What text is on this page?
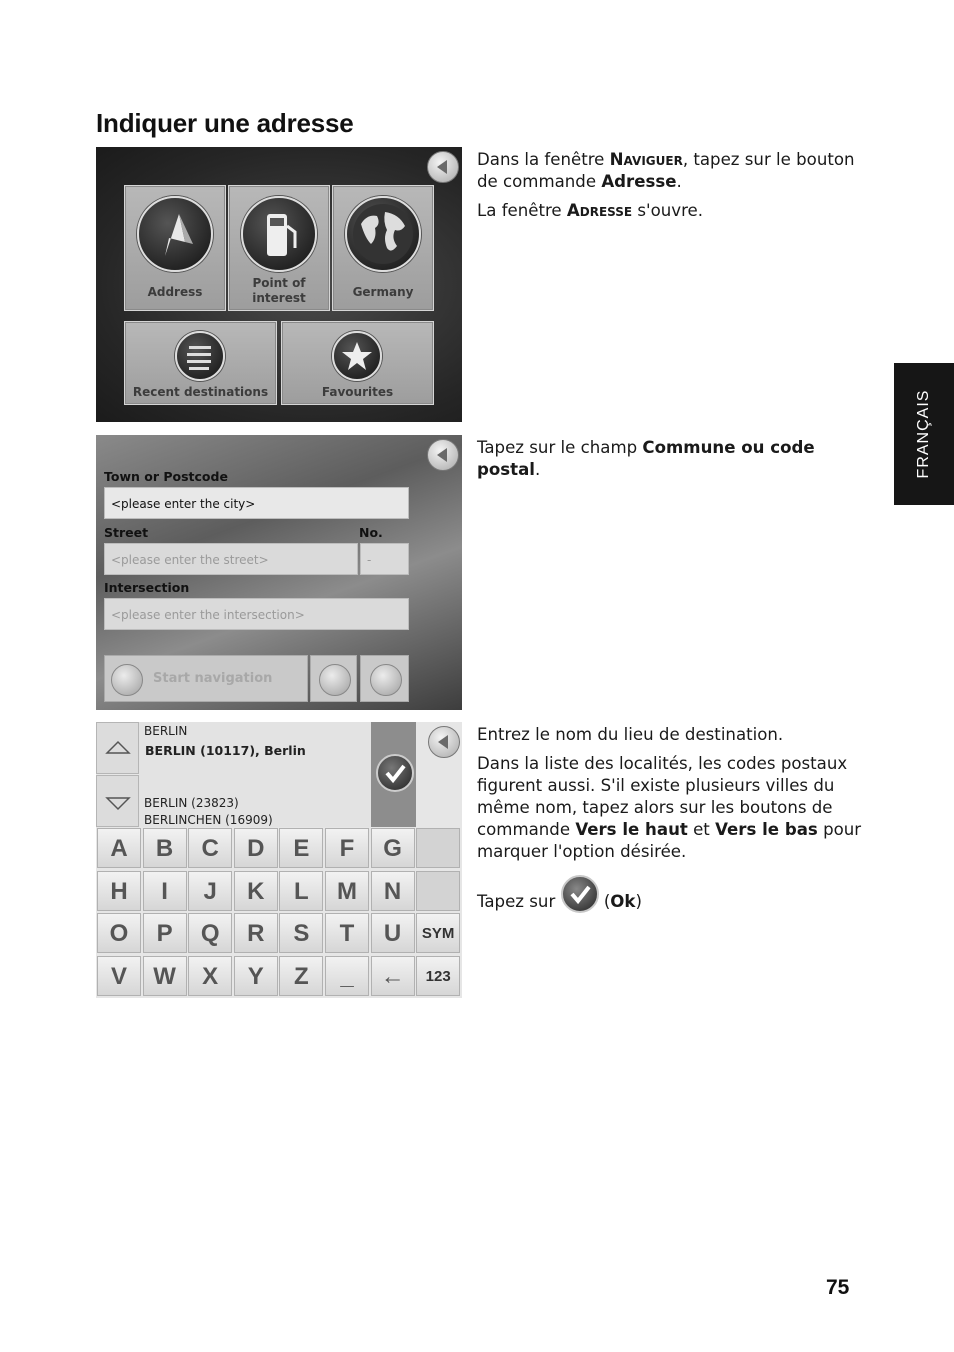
Indiquer une adresse
FRANÇAIS
Address
Point of interest	Germany
Recent destinations	Favourites
Town or Postcode
<please enter the city>
Street	No.
<please enter the street>	-
Intersection
<please enter the intersection>
Start navigation
BERLIN
BERLIN (10117), Berlin
BERLIN (23823)
BERLINCHEN (16909)
A	B	C	D	E	F	G
H	I	J	K	L	M	N
O	P	Q	R	S	T	U	SYM
V	W	X	Y	Z	_	←	123

Dans la fenêtre Naviguer, tapez sur le bouton de commande Adresse.

La fenêtre Adresse s'ouvre.

Tapez sur le champ Commune ou code postal.

Entrez le nom du lieu de destination.

Dans la liste des localités, les codes postaux figurent aussi. S'il existe plusieurs villes du même nom, tapez alors sur les boutons de commande Vers le haut et Vers le bas pour marquer l'option désirée.

Tapez sur
(Ok)

75
